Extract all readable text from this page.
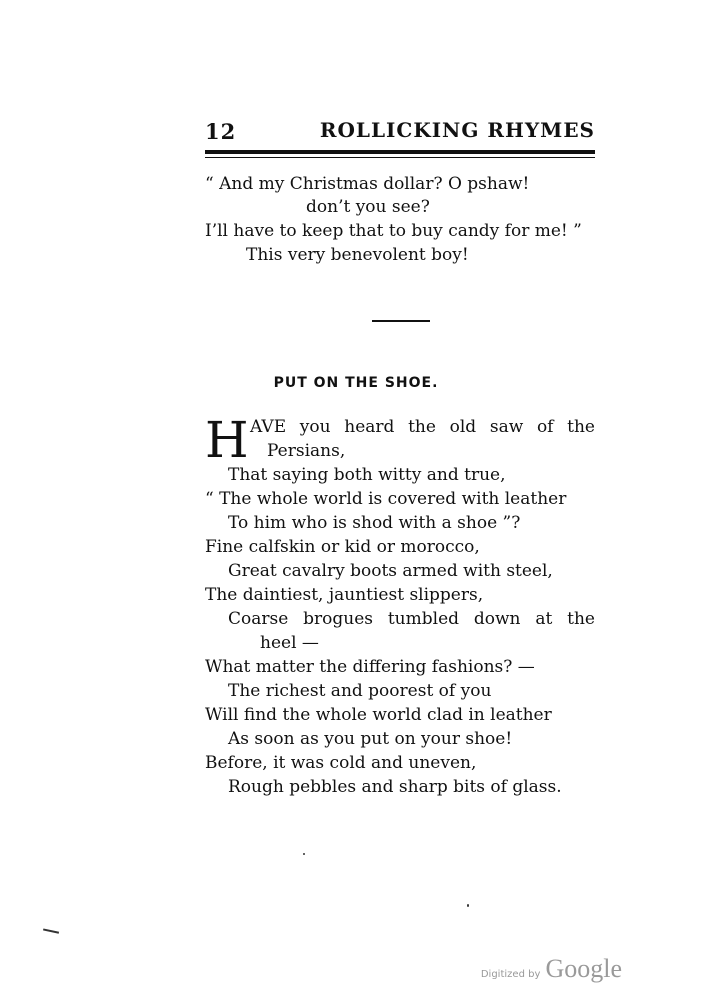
12	ROLLICKING RHYMES
“ And my Christmas dollar? O pshaw!
don’t you see?
I’ll have to keep that to buy candy for me! ”
This very benevolent boy!
PUT ON THE SHOE.
H AVE you heard the old saw of the
Persians,
That saying both witty and true,
“ The whole world is covered with leather
To him who is shod with a shoe ”?
Fine calfskin or kid or morocco,
Great cavalry boots armed with steel,
The daintiest, jauntiest slippers,
Coarse brogues tumbled down at the
heel —
What matter the differing fashions? —
The richest and poorest of you
Will find the whole world clad in leather
As soon as you put on your shoe!
Before, it was cold and uneven,
Rough pebbles and sharp bits of glass.
Digitized by Google
